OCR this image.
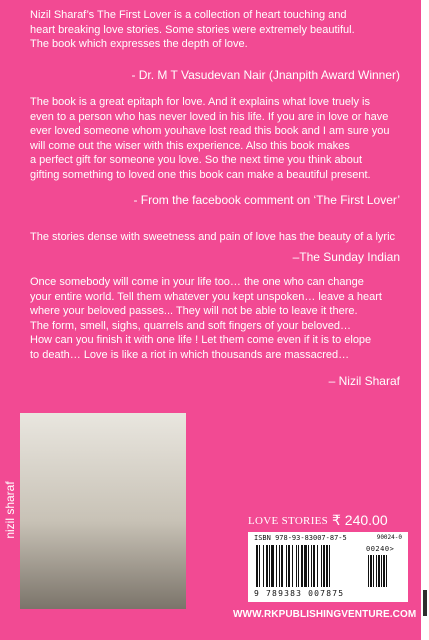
Nizil Sharaf’s The First Lover is a collection of heart touching and
heart breaking love stories. Some stories were extremely beautiful.
The book which expresses the depth of love.
- Dr. M T Vasudevan Nair (Jnanpith Award Winner)
The book is a great epitaph for love. And it explains what love truely is
even to a person who has never loved in his life. If you are in love or have
ever loved someone whom youhave lost read this book and I am sure you
will come out the wiser with this experience. Also this book makes
a perfect gift for someone you love. So the next time you think about
gifting something to loved one this book can make a beautiful present.
- From the facebook comment on ‘The First Lover’
The stories dense with sweetness and pain of love has the beauty of a lyric
–The Sunday Indian
Once somebody will come in your life too… the one who can change
your entire world. Tell them whatever you kept unspoken… leave a heart
where your beloved passes... They will not be able to leave it there.
The form, smell, sighs, quarrels and soft fingers of your beloved…
How can you finish it with one life ! Let them come even if it is to elope
to death… Love is like a riot in which thousands are massacred…
– Nizil Sharaf
nizil sharaf	LOVE STORIES ₹ 240.00
ISBN 978-93-83007-87-5	90024-0
00240>
9 789383 007875
WWW.RKPUBLISHINGVENTURE.COM
